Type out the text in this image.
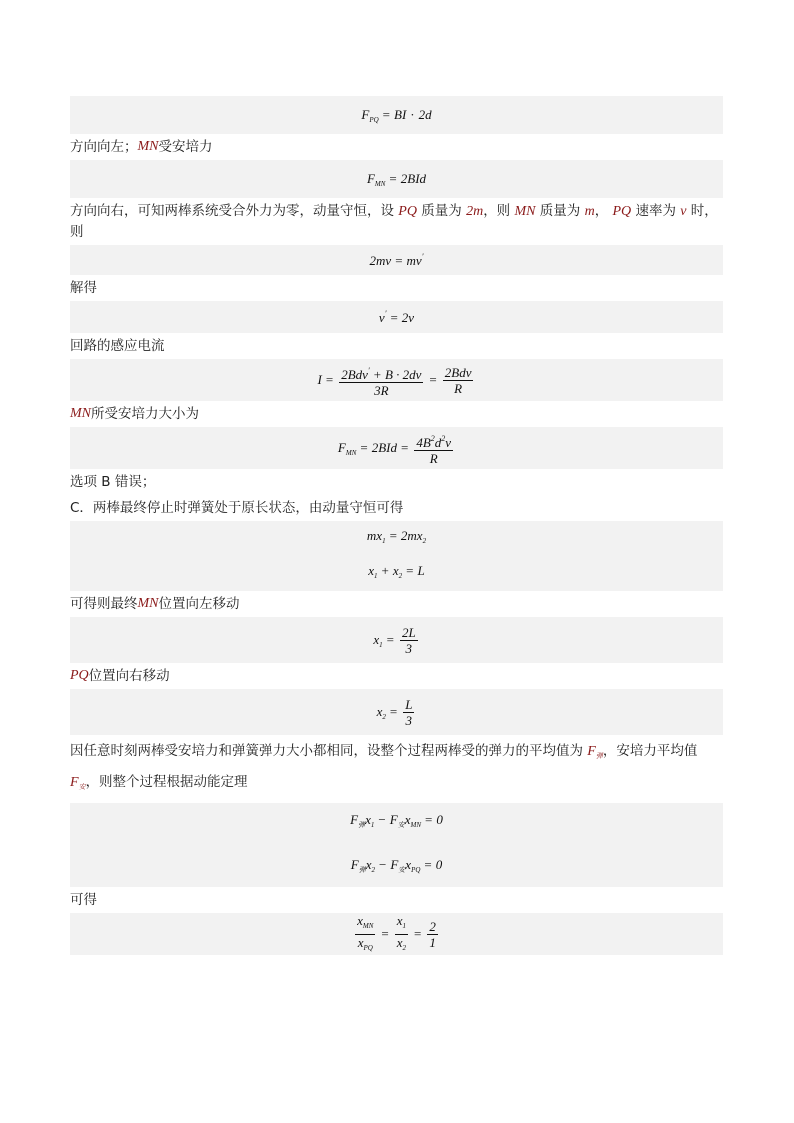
$F_{PQ}$ = BI · 2d
方向向左； MN 受安培力
$F_{MN} = 2BId$
方向向右，可知两棒系统受合外力为零，动量守恒，设 PQ 质量为 2m，则 MN 质量为 m， PQ 速率为 v 时，
则
2mv = mv′
解得
v′ = 2v
回路的感应电流
$I = \frac{2Bdv' + B \cdot 2dv}{3R} = \frac{\text{2Bdv}}{R}$
MN 所受安培力大小为
$F_{MN} = 2BId = \frac{4B^2d^2v}{R}$
选项 B 错误；
C．两棒最终停止时弹簧处于原长状态，由动量守恒可得
$mx_1 = 2mx_2$
$x_1 + x_2 = L$
可得则最终 MN 位置向左移动
$x_1 = \frac{2L}{3}$
PQ 位置向右移动
$x_2 = \frac{L}{3}$
因任意时刻两棒受安培力和弹簧弹力大小都相同，设整个过程两棒受的弹力的平均值为 $F_弹$，安培力平均值
$F_安$，则整个过程根据动能定理
$F_弹x_1 - F_安x_{MN} = 0$
$F_弹x_2 - F_安x_{PQ} = 0$
可得
$\frac{x_{MN}}{x_{PQ}} = \frac{x_1}{x_2} = \frac{2}{1}$
